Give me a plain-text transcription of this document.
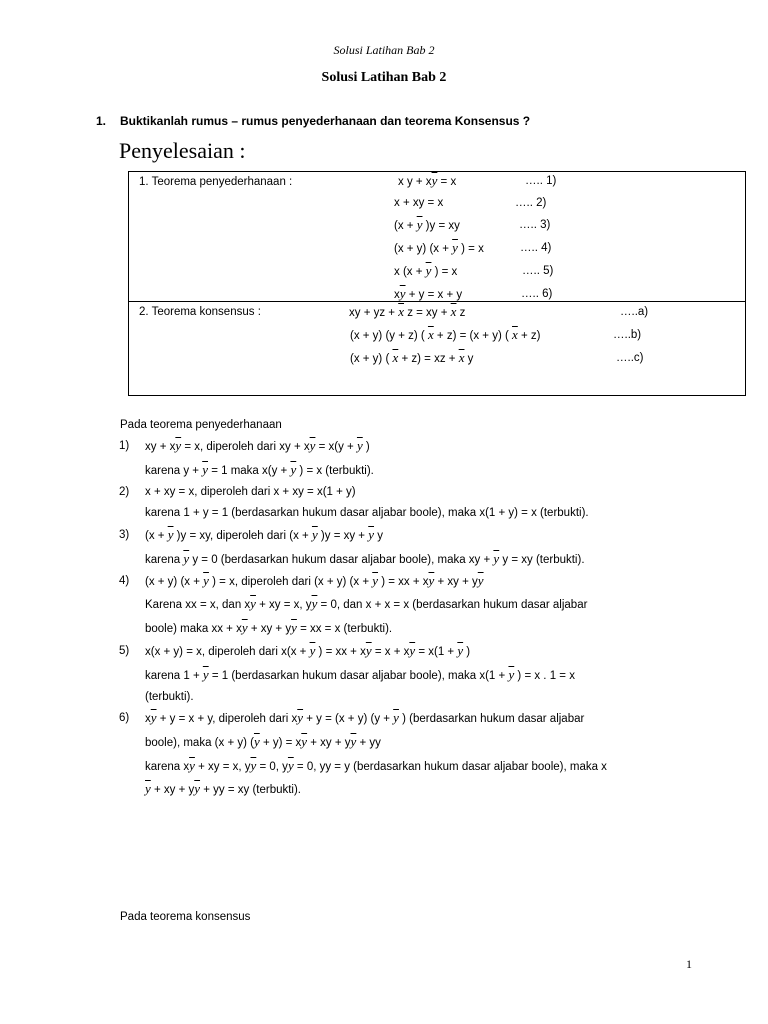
Solusi Latihan Bab 2
Solusi Latihan Bab 2
1. Buktikanlah rumus – rumus penyederhanaan dan teorema Konsensus ?
Penyelesaian :
1. Teorema penyederhanaan :	x $y + x\overline{y} = x$	….. 1)
x + xy = x	….. 2)
($x + \overline{y}$ )y = xy	….. 3)
(x + y) ($x + \overline{y}$ ) = x	….. 4)
x ($x + \overline{y}$ ) = x	….. 5)
$x\overline{y} + y = x + y$	….. 6)
2. Teorema konsensus :	xy + yz + $\overline{x}$ z = xy + $\overline{x}$ z	…..a)
(x + y) (y + z) ( $\overline{x} + z) = (x + y)$ ( $\overline{x} + z$)	…..b)
(x + y) ( $\overline{x} + z$) = xz + $\overline{x}$ y	…..c)
Pada teorema penyederhanaan
1) xy + $x\overline{y} = x$, diperoleh dari xy + $x\overline{y} = x(y + \overline{y}$ )
karena $y + \overline{y} = 1$ maka $x(y + \overline{y}$ ) = x (terbukti).
2) x + xy = x, diperoleh dari x + xy = x(1 + y)
karena 1 + y = 1 (berdasarkan hukum dasar aljabar boole), maka x(1 + y) = x (terbukti).
3) ($x + \overline{y}$ )y = xy, diperoleh dari ($x + \overline{y}$ )y = xy + $\overline{y}$ y
karena $\overline{y}$ y = 0 (berdasarkan hukum dasar aljabar boole), maka xy + $\overline{y}$ y = xy (terbukti).
4) (x + y) ($x + \overline{y}$ ) = x, diperoleh dari (x + y) ($x + \overline{y}$ ) = xx + $x\overline{y}$ + xy + $y\overline{y}$
Karena xx = x, dan $x\overline{y}$ + xy = x, $y\overline{y} = 0$, dan x + x = x (berdasarkan hukum dasar aljabar
boole) maka xx + $x\overline{y}$ + xy + $y\overline{y}$ = xx = x (terbukti).
5) x(x + y) = x, diperoleh dari $x(x + \overline{y}$ ) = xx + $x\overline{y} = x + x\overline{y} = x(1 + \overline{y}$ )
karena $1 + \overline{y} = 1$ (berdasarkan hukum dasar aljabar boole), maka $x(1 + \overline{y}$ ) = x . 1 = x
(terbukti).
6) $x\overline{y} + y = x + y$, diperoleh dari $x\overline{y} + y = (x + y) (y + \overline{y}$ ) (berdasarkan hukum dasar aljabar
boole), maka (x + y) $(\overline{y} + y) = x\overline{y}$ + xy + $y\overline{y}$ + yy
karena $x\overline{y}$ + xy = x, $y\overline{y} = 0$, $y\overline{y} = 0$, yy = y (berdasarkan hukum dasar aljabar boole), maka x
$\overline{y}$ + xy + $y\overline{y}$ + yy = xy (terbukti).
Pada teorema konsensus
1
